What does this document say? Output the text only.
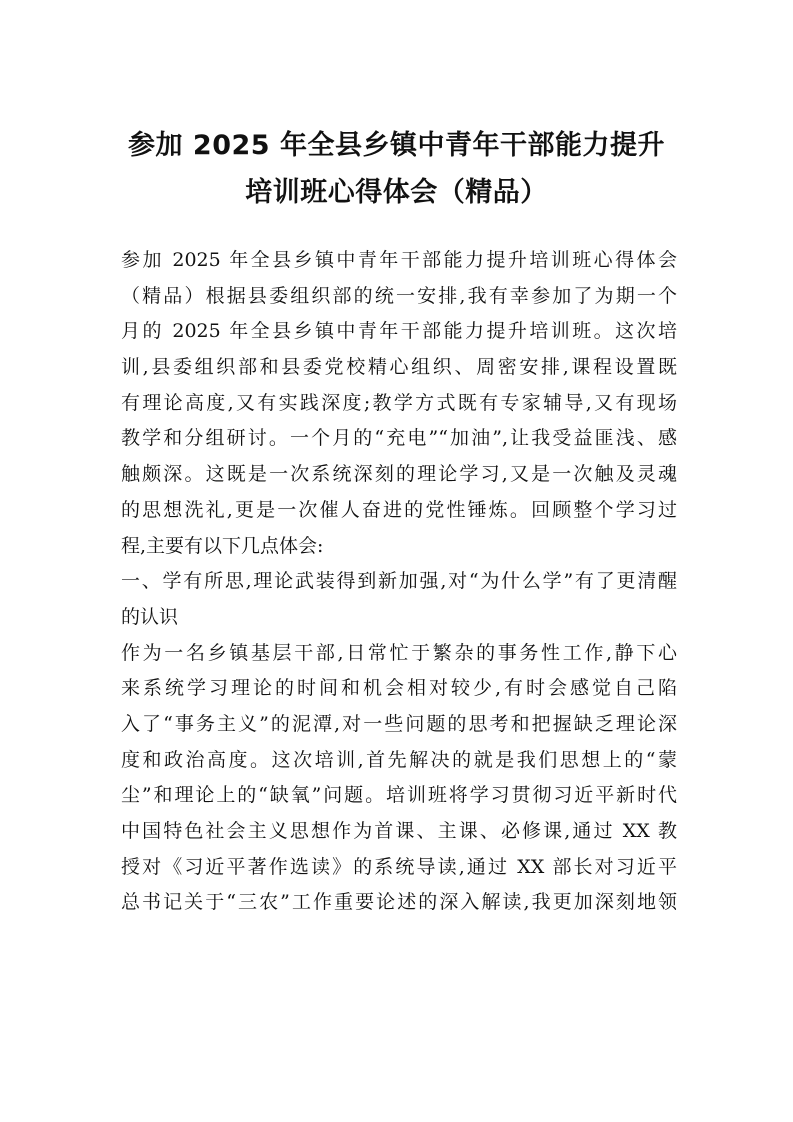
参加 2025 年全县乡镇中青年干部能力提升
培训班心得体会（精品）
参加 2025 年全县乡镇中青年干部能力提升培训班心得体会
（精品）根据县委组织部的统一安排,我有幸参加了为期一个
月的 2025 年全县乡镇中青年干部能力提升培训班。这次培
训,县委组织部和县委党校精心组织、周密安排,课程设置既
有理论高度,又有实践深度;教学方式既有专家辅导,又有现场
教学和分组研讨。一个月的“充电”“加油”,让我受益匪浅、感
触颇深。这既是一次系统深刻的理论学习,又是一次触及灵魂
的思想洗礼,更是一次催人奋进的党性锤炼。回顾整个学习过
程,主要有以下几点体会:
一、学有所思,理论武装得到新加强,对“为什么学”有了更清醒
的认识
作为一名乡镇基层干部,日常忙于繁杂的事务性工作,静下心
来系统学习理论的时间和机会相对较少,有时会感觉自己陷
入了“事务主义”的泥潭,对一些问题的思考和把握缺乏理论深
度和政治高度。这次培训,首先解决的就是我们思想上的“蒙
尘”和理论上的“缺氧”问题。培训班将学习贯彻习近平新时代
中国特色社会主义思想作为首课、主课、必修课,通过 XX 教
授对《习近平著作选读》的系统导读,通过 XX 部长对习近平
总书记关于“三农”工作重要论述的深入解读,我更加深刻地领
